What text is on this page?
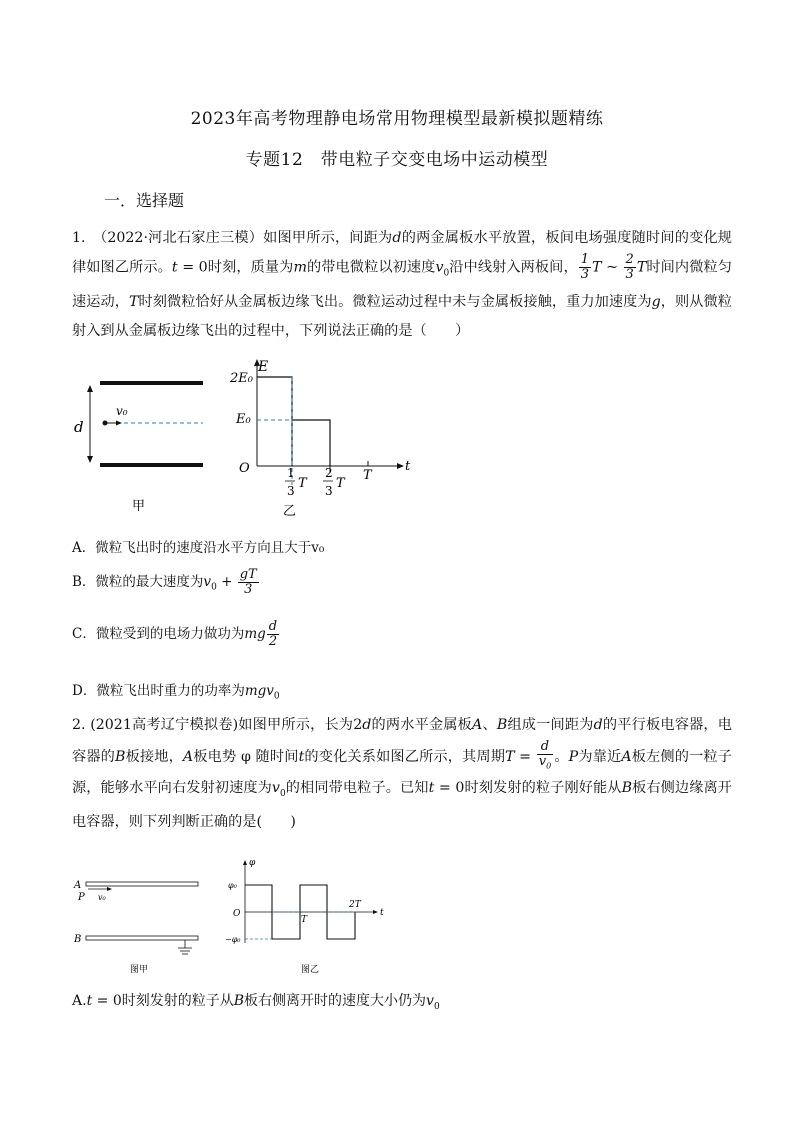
2023年高考物理静电场常用物理模型最新模拟题精练
专题12　带电粒子交变电场中运动模型
一．选择题
1.　（2022·河北石家庄三模）如图甲所示，间距为d的两金属板水平放置，板间电场强度随时间的变化规律如图乙所示。t = 0时刻，质量为m的带电微粒以初速度$v_0$沿中线射入两板间， $\frac{1}{3}$ T ~ $\frac{2}{3}$ T时间内微粒匀速运动，T时刻微粒恰好从金属板边缘飞出。微粒运动过程中未与金属板接触，重力加速度为g，则从微粒射入到从金属板边缘飞出的过程中，下列说法正确的是（　　）
d
v₀
甲
E
2E₀
E₀
O	t
1
3 T
2
3 T
T
乙
A．微粒飞出时的速度沿水平方向且大于v₀
B．微粒的最大速度为$v_0 + \frac{gT}{3}$
C．微粒受到的电场力做功为mg $\frac{d}{2}$
D．微粒飞出时重力的功率为mgv$_0$
2. (2021高考辽宁模拟卷)如图甲所示，长为2d的两水平金属板A、B组成一间距为d的平行板电容器，电容器的B板接地，A板电势 φ 随时间t的变化关系如图乙所示，其周期$T = \frac{d}{v_0}$ 。P为靠近A板左侧的一粒子源，能够水平向右发射初速度为$v_0$的相同带电粒子。已知t = 0时刻发射的粒子刚好能从B板右侧边缘离开电容器，则下列判断正确的是(　　)
A
P v₀
B
图甲
φ
φ₀
O
−φ₀
T
2T
t
图乙
A.t = 0时刻发射的粒子从B板右侧离开时的速度大小仍为$v_0$
